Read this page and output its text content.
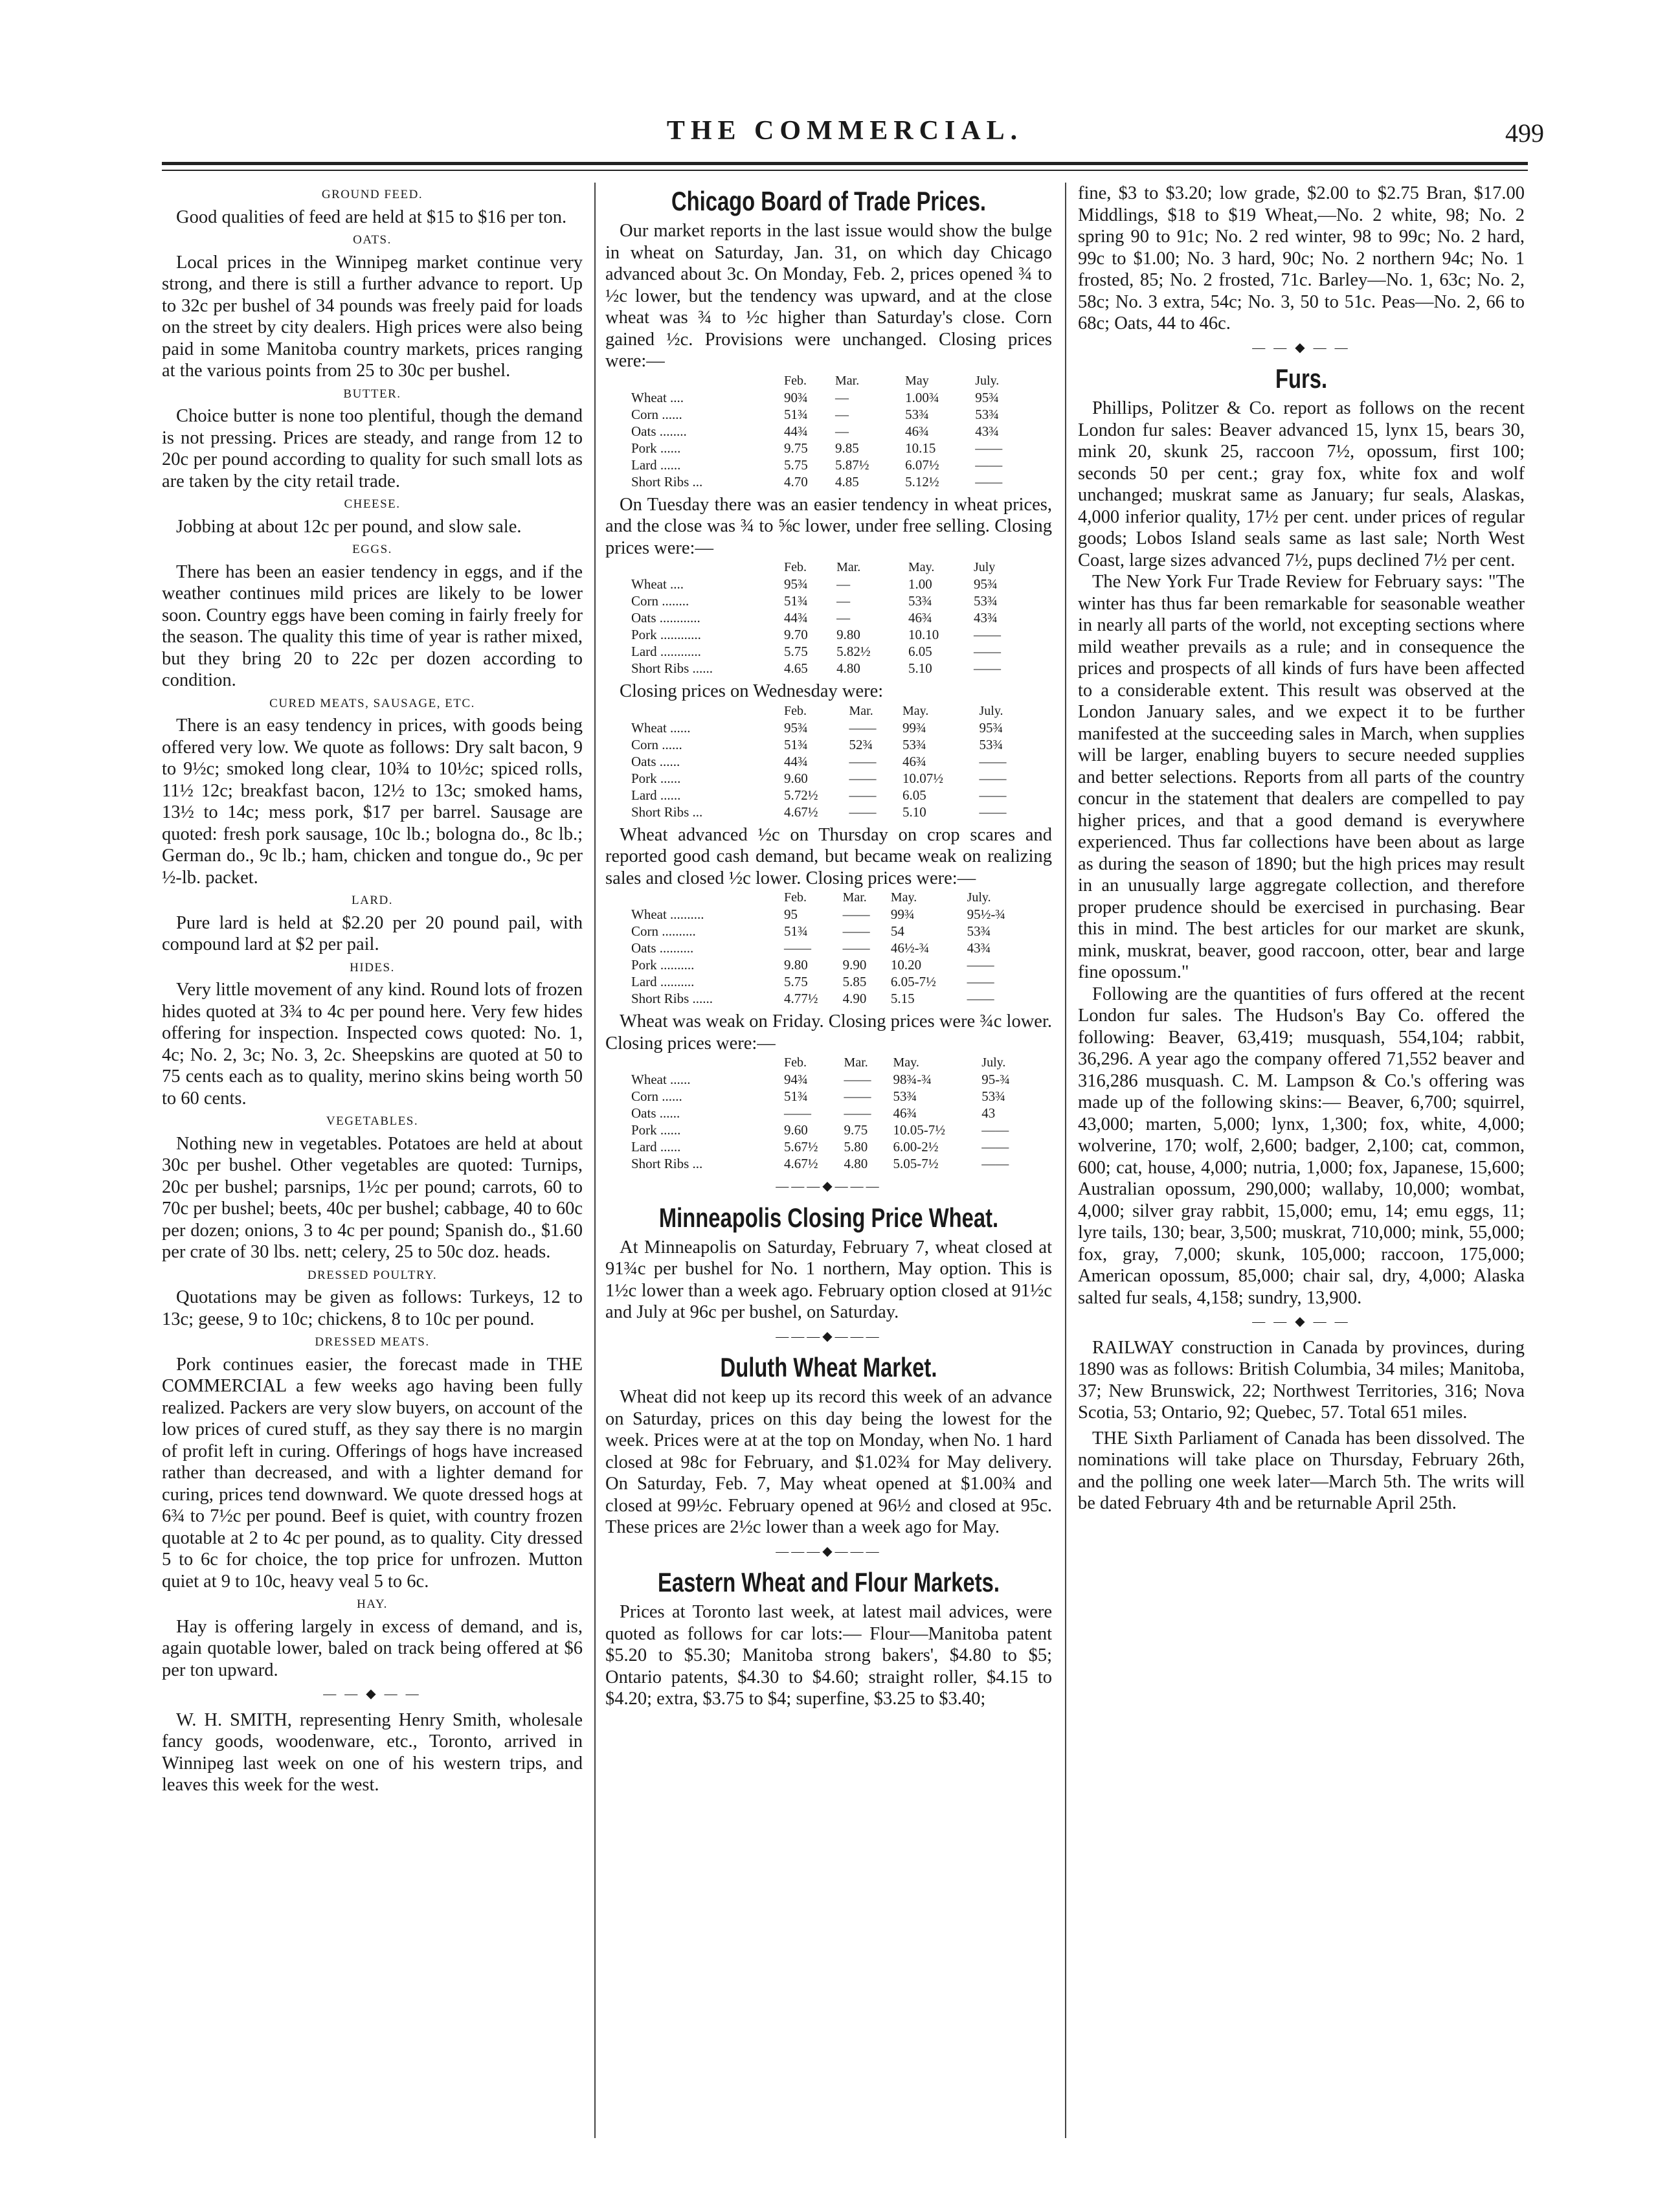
THE COMMERCIAL.	499
GROUND FEED.

Good qualities of feed are held at $15 to $16 per ton.

OATS.

Local prices in the Winnipeg market continue very strong, and there is still a further advance to report. Up to 32c per bushel of 34 pounds was freely paid for loads on the street by city dealers. High prices were also being paid in some Manitoba country markets, prices ranging at the various points from 25 to 30c per bushel.

BUTTER.

Choice butter is none too plentiful, though the demand is not pressing. Prices are steady, and range from 12 to 20c per pound according to quality for such small lots as are taken by the city retail trade.

CHEESE.

Jobbing at about 12c per pound, and slow sale.

EGGS.

There has been an easier tendency in eggs, and if the weather continues mild prices are likely to be lower soon. Country eggs have been coming in fairly freely for the season. The quality this time of year is rather mixed, but they bring 20 to 22c per dozen according to condition.

CURED MEATS, SAUSAGE, ETC.

There is an easy tendency in prices, with goods being offered very low. We quote as follows: Dry salt bacon, 9 to 9½c; smoked long clear, 10¾ to 10½c; spiced rolls, 11½ 12c; breakfast bacon, 12½ to 13c; smoked hams, 13½ to 14c; mess pork, $17 per barrel. Sausage are quoted: fresh pork sausage, 10c lb.; bologna do., 8c lb.; German do., 9c lb.; ham, chicken and tongue do., 9c per ½-lb. packet.

LARD.

Pure lard is held at $2.20 per 20 pound pail, with compound lard at $2 per pail.

HIDES.

Very little movement of any kind. Round lots of frozen hides quoted at 3¾ to 4c per pound here. Very few hides offering for inspection. Inspected cows quoted: No. 1, 4c; No. 2, 3c; No. 3, 2c. Sheepskins are quoted at 50 to 75 cents each as to quality, merino skins being worth 50 to 60 cents.

VEGETABLES.

Nothing new in vegetables. Potatoes are held at about 30c per bushel. Other vegetables are quoted: Turnips, 20c per bushel; parsnips, 1½c per pound; carrots, 60 to 70c per bushel; beets, 40c per bushel; cabbage, 40 to 60c per dozen; onions, 3 to 4c per pound; Spanish do., $1.60 per crate of 30 lbs. nett; celery, 25 to 50c doz. heads.

DRESSED POULTRY.

Quotations may be given as follows: Turkeys, 12 to 13c; geese, 9 to 10c; chickens, 8 to 10c per pound.

DRESSED MEATS.

Pork continues easier, the forecast made in THE COMMERCIAL a few weeks ago having been fully realized. Packers are very slow buyers, on account of the low prices of cured stuff, as they say there is no margin of profit left in curing. Offerings of hogs have increased rather than decreased, and with a lighter demand for curing, prices tend downward. We quote dressed hogs at 6¾ to 7½c per pound. Beef is quiet, with country frozen quotable at 2 to 4c per pound, as to quality. City dressed 5 to 6c for choice, the top price for unfrozen. Mutton quiet at 9 to 10c, heavy veal 5 to 6c.

HAY.

Hay is offering largely in excess of demand, and is, again quotable lower, baled on track being offered at $6 per ton upward.

— — ◆ — —

W. H. SMITH, representing Henry Smith, wholesale fancy goods, woodenware, etc., Toronto, arrived in Winnipeg last week on one of his western trips, and leaves this week for the west.

Chicago Board of Trade Prices.

Our market reports in the last issue would show the bulge in wheat on Saturday, Jan. 31, on which day Chicago advanced about 3c. On Monday, Feb. 2, prices opened ¾ to ½c lower, but the tendency was upward, and at the close wheat was ¾ to ½c higher than Saturday's close. Corn gained ½c. Provisions were unchanged. Closing prices were:—

	Feb.	Mar.	May	July.
Wheat ....	90¾	—	1.00¾	95¾
Corn ......	51¾	—	53¾	53¾
Oats ........	44¾	—	46¾	43¾
Pork ......	9.75	9.85	10.15	——
Lard ......	5.75	5.87½	6.07½	——
Short Ribs ...	4.70	4.85	5.12½	——

On Tuesday there was an easier tendency in wheat prices, and the close was ¾ to ⅝c lower, under free selling. Closing prices were:—

	Feb.	Mar.	May.	July
Wheat ....	95¾	—	1.00	95¾
Corn ........	51¾	—	53¾	53¾
Oats ............	44¾	—	46¾	43¾
Pork ............	9.70	9.80	10.10	——
Lard ............	5.75	5.82½	6.05	——
Short Ribs ......	4.65	4.80	5.10	——

Closing prices on Wednesday were:

	Feb.	Mar.	May.	July.
Wheat ......	95¾	——	99¾	95¾
Corn ......	51¾	52¾	53¾	53¾
Oats ......	44¾	——	46¾	——
Pork ......	9.60	——	10.07½	——
Lard ......	5.72½	——	6.05	——
Short Ribs ...	4.67½	——	5.10	——

Wheat advanced ½c on Thursday on crop scares and reported good cash demand, but became weak on realizing sales and closed ½c lower. Closing prices were:—

	Feb.	Mar.	May.	July.
Wheat ..........	95	——	99¾	95½-¾
Corn ..........	51¾	——	54	53¾
Oats ..........	——	——	46½-¾	43¾
Pork ..........	9.80	9.90	10.20	——
Lard ..........	5.75	5.85	6.05-7½	——
Short Ribs ......	4.77½	4.90	5.15	——

Wheat was weak on Friday. Closing prices were ¾c lower. Closing prices were:—

	Feb.	Mar.	May.	July.
Wheat ......	94¾	——	98¾-¾	95-¾
Corn ......	51¾	——	53¾	53¾
Oats ......	——	——	46¾	43
Pork ......	9.60	9.75	10.05-7½	——
Lard ......	5.67½	5.80	6.00-2½	——
Short Ribs ...	4.67½	4.80	5.05-7½	——
———◆———
Minneapolis Closing Price Wheat.

At Minneapolis on Saturday, February 7, wheat closed at 91¾c per bushel for No. 1 northern, May option. This is 1½c lower than a week ago. February option closed at 91½c and July at 96c per bushel, on Saturday.

———◆———
Duluth Wheat Market.

Wheat did not keep up its record this week of an advance on Saturday, prices on this day being the lowest for the week. Prices were at at the top on Monday, when No. 1 hard closed at 98c for February, and $1.02¾ for May delivery. On Saturday, Feb. 7, May wheat opened at $1.00¾ and closed at 99½c. February opened at 96½ and closed at 95c. These prices are 2½c lower than a week ago for May.

———◆———
Eastern Wheat and Flour Markets.

Prices at Toronto last week, at latest mail advices, were quoted as follows for car lots:— Flour—Manitoba patent $5.20 to $5.30; Manitoba strong bakers', $4.80 to $5; Ontario patents, $4.30 to $4.60; straight roller, $4.15 to $4.20; extra, $3.75 to $4; superfine, $3.25 to $3.40;

fine, $3 to $3.20; low grade, $2.00 to $2.75 Bran, $17.00 Middlings, $18 to $19 Wheat,—No. 2 white, 98; No. 2 spring 90 to 91c; No. 2 red winter, 98 to 99c; No. 2 hard, 99c to $1.00; No. 3 hard, 90c; No. 2 northern 94c; No. 1 frosted, 85; No. 2 frosted, 71c. Barley—No. 1, 63c; No. 2, 58c; No. 3 extra, 54c; No. 3, 50 to 51c. Peas—No. 2, 66 to 68c; Oats, 44 to 46c.

— — ◆ — —
Furs.

Phillips, Politzer & Co. report as follows on the recent London fur sales: Beaver advanced 15, lynx 15, bears 30, mink 20, skunk 25, raccoon 7½, opossum, first 100; seconds 50 per cent.; gray fox, white fox and wolf unchanged; muskrat same as January; fur seals, Alaskas, 4,000 inferior quality, 17½ per cent. under prices of regular goods; Lobos Island seals same as last sale; North West Coast, large sizes advanced 7½, pups declined 7½ per cent.

The New York Fur Trade Review for February says: "The winter has thus far been remarkable for seasonable weather in nearly all parts of the world, not excepting sections where mild weather prevails as a rule; and in consequence the prices and prospects of all kinds of furs have been affected to a considerable extent. This result was observed at the London January sales, and we expect it to be further manifested at the succeeding sales in March, when supplies will be larger, enabling buyers to secure needed supplies and better selections. Reports from all parts of the country concur in the statement that dealers are compelled to pay higher prices, and that a good demand is everywhere experienced. Thus far collections have been about as large as during the season of 1890; but the high prices may result in an unusually large aggregate collection, and therefore proper prudence should be exercised in purchasing. Bear this in mind. The best articles for our market are skunk, mink, muskrat, beaver, good raccoon, otter, bear and large fine opossum."

Following are the quantities of furs offered at the recent London fur sales. The Hudson's Bay Co. offered the following: Beaver, 63,419; musquash, 554,104; rabbit, 36,296. A year ago the company offered 71,552 beaver and 316,286 musquash. C. M. Lampson & Co.'s offering was made up of the following skins:— Beaver, 6,700; squirrel, 43,000; marten, 5,000; lynx, 1,300; fox, white, 4,000; wolverine, 170; wolf, 2,600; badger, 2,100; cat, common, 600; cat, house, 4,000; nutria, 1,000; fox, Japanese, 15,600; Australian opossum, 290,000; wallaby, 10,000; wombat, 4,000; silver gray rabbit, 15,000; emu, 14; emu eggs, 11; lyre tails, 130; bear, 3,500; muskrat, 710,000; mink, 55,000; fox, gray, 7,000; skunk, 105,000; raccoon, 175,000; American opossum, 85,000; chair sal, dry, 4,000; Alaska salted fur seals, 4,158; sundry, 13,900.

— — ◆ — —

RAILWAY construction in Canada by provinces, during 1890 was as follows: British Columbia, 34 miles; Manitoba, 37; New Brunswick, 22; Northwest Territories, 316; Nova Scotia, 53; Ontario, 92; Quebec, 57. Total 651 miles.

THE Sixth Parliament of Canada has been dissolved. The nominations will take place on Thursday, February 26th, and the polling one week later—March 5th. The writs will be dated February 4th and be returnable April 25th.
